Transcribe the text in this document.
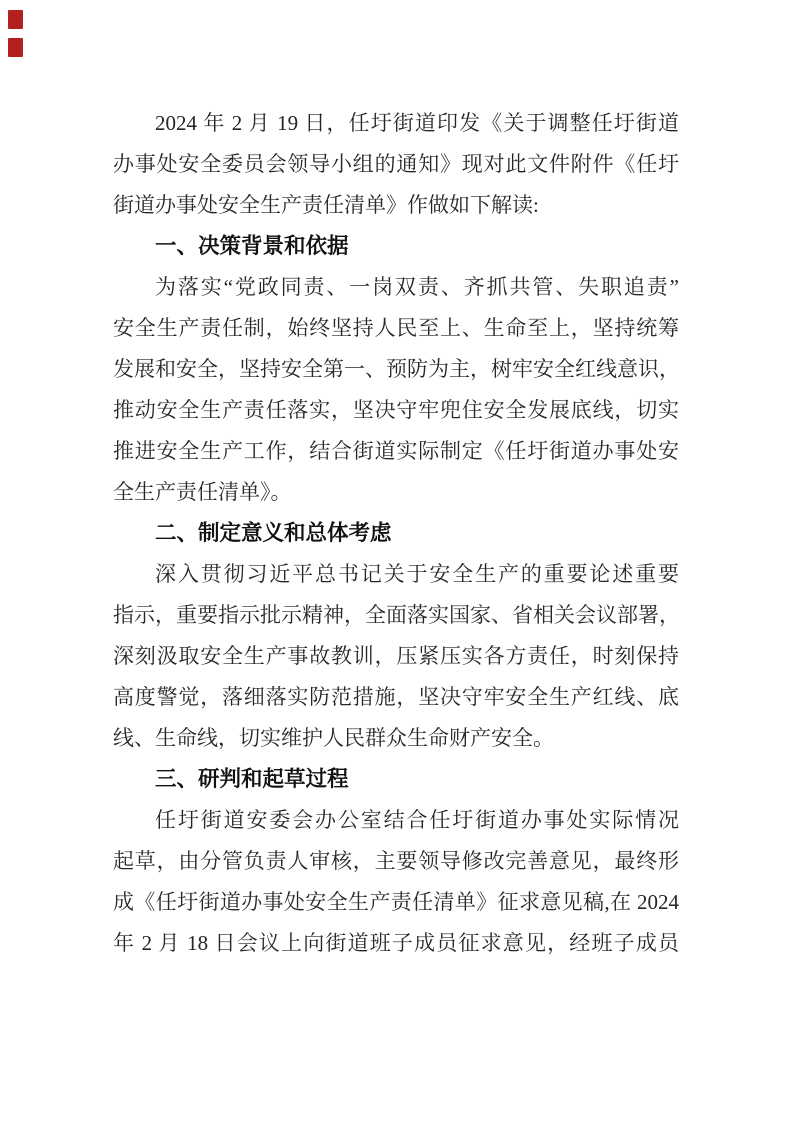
2024 年 2 月 19 日，任圩街道印发《关于调整任圩街道
办事处安全委员会领导小组的通知》现对此文件附件《任圩
街道办事处安全生产责任清单》作做如下解读:
一、决策背景和依据
为落实“党政同责、一岗双责、齐抓共管、失职追责”
安全生产责任制，始终坚持人民至上、生命至上，坚持统筹
发展和安全，坚持安全第一、预防为主，树牢安全红线意识，
推动安全生产责任落实，坚决守牢兜住安全发展底线，切实
推进安全生产工作，结合街道实际制定《任圩街道办事处安
全生产责任清单》。
二、制定意义和总体考虑
深入贯彻习近平总书记关于安全生产的重要论述重要
指示，重要指示批示精神，全面落实国家、省相关会议部署，
深刻汲取安全生产事故教训，压紧压实各方责任，时刻保持
高度警觉，落细落实防范措施，坚决守牢安全生产红线、底
线、生命线，切实维护人民群众生命财产安全。
三、研判和起草过程
任圩街道安委会办公室结合任圩街道办事处实际情况
起草，由分管负责人审核，主要领导修改完善意见，最终形
成《任圩街道办事处安全生产责任清单》征求意见稿,在 2024
年 2 月 18 日会议上向街道班子成员征求意见，经班子成员
